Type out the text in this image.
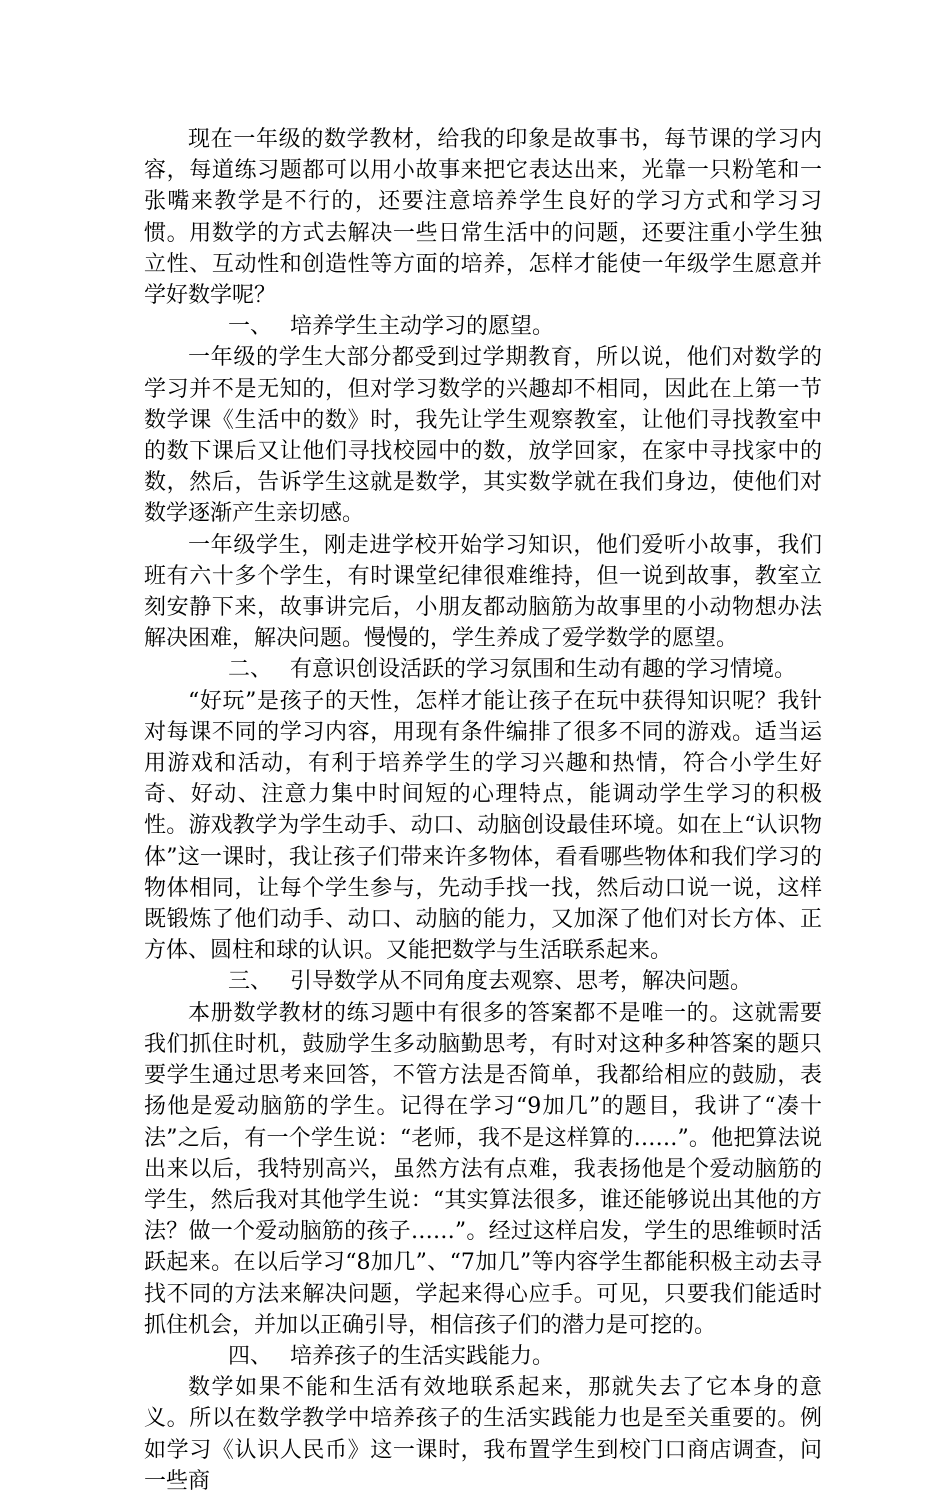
现在一年级的数学教材，给我的印象是故事书，每节课的学习内容，每道练习题都可以用小故事来把它表达出来，光靠一只粉笔和一张嘴来教学是不行的，还要注意培养学生良好的学习方式和学习习惯。用数学的方式去解决一些日常生活中的问题，还要注重小学生独立性、互动性和创造性等方面的培养，怎样才能使一年级学生愿意并学好数学呢？

一、 培养学生主动学习的愿望。

一年级的学生大部分都受到过学期教育，所以说，他们对数学的学习并不是无知的，但对学习数学的兴趣却不相同，因此在上第一节数学课《生活中的数》时，我先让学生观察教室，让他们寻找教室中的数下课后又让他们寻找校园中的数，放学回家，在家中寻找家中的数，然后，告诉学生这就是数学，其实数学就在我们身边，使他们对数学逐渐产生亲切感。

一年级学生，刚走进学校开始学习知识，他们爱听小故事，我们班有六十多个学生，有时课堂纪律很难维持，但一说到故事，教室立刻安静下来，故事讲完后，小朋友都动脑筋为故事里的小动物想办法解决困难，解决问题。慢慢的，学生养成了爱学数学的愿望。

二、 有意识创设活跃的学习氛围和生动有趣的学习情境。

“好玩”是孩子的天性，怎样才能让孩子在玩中获得知识呢？我针对每课不同的学习内容，用现有条件编排了很多不同的游戏。适当运用游戏和活动，有利于培养学生的学习兴趣和热情，符合小学生好奇、好动、注意力集中时间短的心理特点，能调动学生学习的积极性。游戏教学为学生动手、动口、动脑创设最佳环境。如在上“认识物体”这一课时，我让孩子们带来许多物体，看看哪些物体和我们学习的物体相同，让每个学生参与，先动手找一找，然后动口说一说，这样既锻炼了他们动手、动口、动脑的能力，又加深了他们对长方体、正方体、圆柱和球的认识。又能把数学与生活联系起来。

三、 引导数学从不同角度去观察、思考，解决问题。

本册数学教材的练习题中有很多的答案都不是唯一的。这就需要我们抓住时机，鼓励学生多动脑勤思考，有时对这种多种答案的题只要学生通过思考来回答，不管方法是否简单，我都给相应的鼓励，表扬他是爱动脑筋的学生。记得在学习“9加几”的题目，我讲了“凑十法”之后，有一个学生说：“老师，我不是这样算的……”。他把算法说出来以后，我特别高兴，虽然方法有点难，我表扬他是个爱动脑筋的学生，然后我对其他学生说：“其实算法很多，谁还能够说出其他的方法？做一个爱动脑筋的孩子……”。经过这样启发，学生的思维顿时活跃起来。在以后学习“8加几”、“7加几”等内容学生都能积极主动去寻找不同的方法来解决问题，学起来得心应手。可见，只要我们能适时抓住机会，并加以正确引导，相信孩子们的潜力是可挖的。

四、 培养孩子的生活实践能力。

数学如果不能和生活有效地联系起来，那就失去了它本身的意义。所以在数学教学中培养孩子的生活实践能力也是至关重要的。例如学习《认识人民币》这一课时，我布置学生到校门口商店调查，问一些商
